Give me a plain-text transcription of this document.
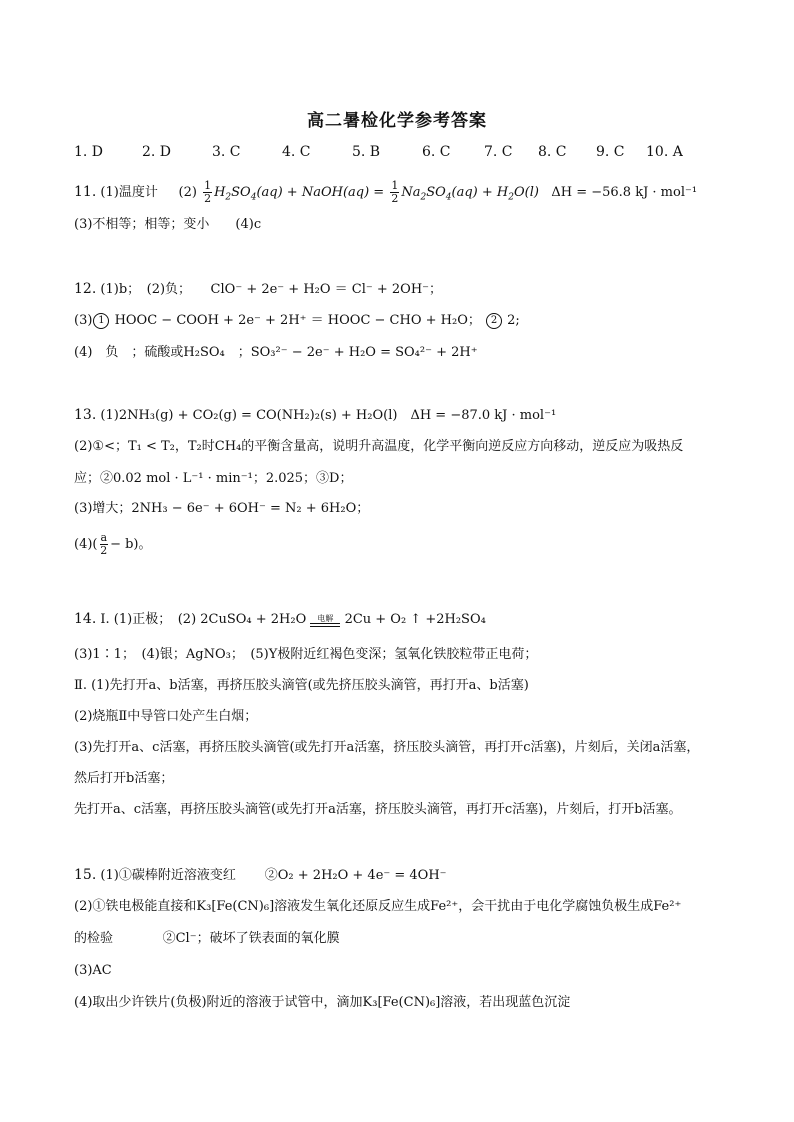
高二暑检化学参考答案
1. D	2. D	3. C	4. C	5. B	6. C 7. C 8. C 9. C 10. A
11. (1)温度计 $(2) \frac{1}{2} H_2SO_4(aq)$ + NaOH(aq) = $\frac{1}{2} Na_2SO_4(aq) + H_2O(l) \Delta H = -56.8$ kJ · mol⁻¹
(3)不相等；相等；变小　　(4)c
12. (1)b；　(2)负；　　ClO⁻ + 2e⁻ + H₂O ＝ Cl⁻ + 2OH⁻；
(3) 1 HOOC − COOH + 2e⁻ + 2H⁺ ＝ HOOC − CHO + H₂O； 2 2;
(4)　负　；硫酸或H₂SO₄　；SO₃²⁻ − 2e⁻ + H₂O = SO₄²⁻ + 2H⁺
13. (1)2NH₃(g) + CO₂(g) = CO(NH₂)₂(s) + H₂O(l)　ΔH = −87.0 kJ · mol⁻¹
(2)①<；T₁ < T₂，T₂时CH₄的平衡含量高，说明升高温度，化学平衡向逆反应方向移动，逆反应为吸热反
应；②0.02 mol · L⁻¹ · min⁻¹；2.025；③D；
(3)增大；2NH₃ − 6e⁻ + 6OH⁻ = N₂ + 6H₂O；
$(4)( \frac{a}{2} - b)$。
14. Ⅰ. (1)正极；　(2) 2CuSO₄ + 2H₂O	电解 2Cu + O₂ ↑ +2H₂SO₄
(3)1∶1；　(4)银；AgNO₃；　(5)Y极附近红褐色变深；氢氧化铁胶粒带正电荷；
Ⅱ. (1)先打开a、b活塞，再挤压胶头滴管(或先挤压胶头滴管，再打开a、b活塞)
(2)烧瓶Ⅱ中导管口处产生白烟；
(3)先打开a、c活塞，再挤压胶头滴管(或先打开a活塞，挤压胶头滴管，再打开c活塞)，片刻后，关闭a活塞，
然后打开b活塞；
先打开a、c活塞，再挤压胶头滴管(或先打开a活塞，挤压胶头滴管，再打开c活塞)，片刻后，打开b活塞。
15. (1)①碳棒附近溶液变红 ②O₂ + 2H₂O + 4e⁻ = 4OH⁻
(2)①铁电极能直接和K₃[Fe(CN)₆]溶液发生氧化还原反应生成Fe²⁺，会干扰由于电化学腐蚀负极生成Fe²⁺
的检验	②Cl⁻；破坏了铁表面的氧化膜
(3)AC
(4)取出少许铁片(负极)附近的溶液于试管中，滴加K₃[Fe(CN)₆]溶液，若出现蓝色沉淀
